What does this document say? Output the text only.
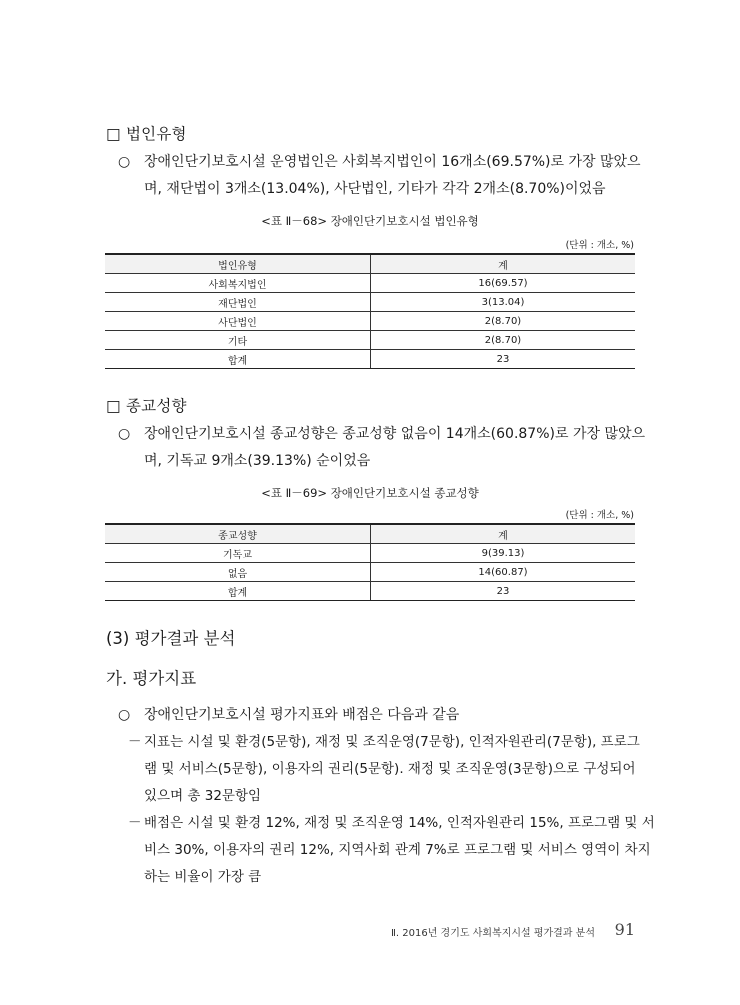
□ 법인유형
○ 장애인단기보호시설 운영법인은 사회복지법인이 16개소(69.57%)로 가장 많았으
며, 재단법이 3개소(13.04%), 사단법인, 기타가 각각 2개소(8.70%)이었음
<표 Ⅱ－68> 장애인단기보호시설 법인유형
(단위 : 개소, %)
법인유형	계
사회복지법인	16(69.57)
재단법인	3(13.04)
사단법인	2(8.70)
기타	2(8.70)
합계	23
□ 종교성향
○ 장애인단기보호시설 종교성향은 종교성향 없음이 14개소(60.87%)로 가장 많았으
며, 기독교 9개소(39.13%) 순이었음
<표 Ⅱ－69> 장애인단기보호시설 종교성향
(단위 : 개소, %)
종교성향	계
기독교	9(39.13)
없음	14(60.87)
합계	23
(3) 평가결과 분석
가. 평가지표
○ 장애인단기보호시설 평가지표와 배점은 다음과 같음
－ 지표는 시설 및 환경(5문항), 재정 및 조직운영(7문항), 인적자원관리(7문항), 프로그
램 및 서비스(5문항), 이용자의 권리(5문항). 재정 및 조직운영(3문항)으로 구성되어
있으며 총 32문항임
－ 배점은 시설 및 환경 12%, 재정 및 조직운영 14%, 인적자원관리 15%, 프로그램 및 서
비스 30%, 이용자의 권리 12%, 지역사회 관계 7%로 프로그램 및 서비스 영역이 차지
하는 비율이 가장 큼
Ⅱ. 2016년 경기도 사회복지시설 평가결과 분석 91
